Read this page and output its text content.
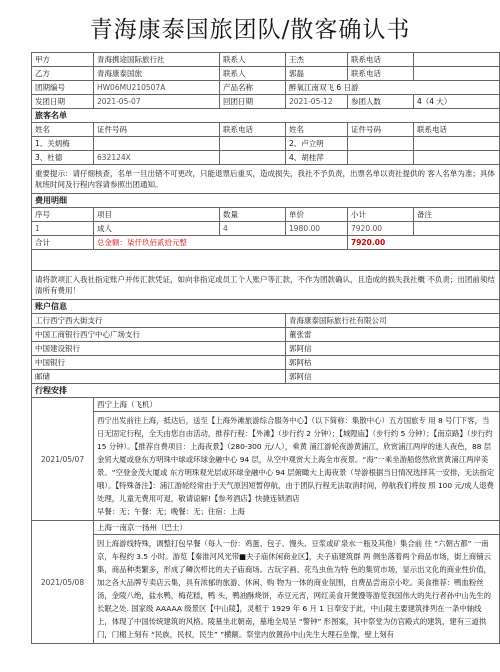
青海康泰国旅团队/散客确认书
甲方	青海携途国际旅行社	联系人	王杰	联系电话	
乙方	青海康泰国旅	联系人	郭磊	联系电话	
团期编号	HW06MU210507A	产品名称	醉氧江南双飞 6 日游		
发团日期	2021-05-07	回团日期	2021-05-12	参团人数	4（4 大）
旅客名单					
姓名	证件号码	联系电话	姓名	证件号码	联系电话
1、关炳梅			2、卢立明		
3、杜德	632124X		4、胡桂萍		
重要提示：请仔细核查，名单一旦出错不可更改，只能退票后重买，造成损失，我社不予负责，出票名单以责社提供的 客人名单为准；具体航班时间及行程内容请参照出团通知。					
费用明细					
序号	项目	数量	单价	小计	备注
1	成人	4	1980.00	7920.00	
合计	总金额：柒仟玖佰贰拾元整			7920.00	

请将款项汇入我社指定账户并传汇款凭证，如向非指定或员工个人账户等汇款，不作为团款确认，且造成的损失我社概 不负责；出团前须结清所有费用！					
账户信息					
工行西宁西大街支行			青海康泰国际旅行社有限公司		
中国工商银行西宁中心广场支行			董张雷		
中国建设银行			郭阿信		
中国银行			郭阿枯		
邮储			郭阿信		
行程安排					
2021/05/07	西宁上海（飞机）				

	西宁出发前往上海，抵达后，送至【上海外滩旅游综合服务中心】（以下简称：集散中心）五方国旅专 用 8 号门下客，当日无固定行程，全天由您自由活动，推荐行程：【外滩】（步行约 2 分钟）；【城隍庙】（步行约 5 分钟）；【南京路】（步行约 15 分钟）。【推荐自费项目：上海夜景】（280-300 元/人），乘黄 浦江游轮夜游黄浦江，欣赏浦江两岸的迷人夜色，88 层金贸大厦或登东方明珠中球或环球金融中心 94 层，从空中观赏大上海全市夜景。“海”一乘坐游船悠然欣赏黄浦江两岸美景。“空登金茂大厦或 东方明珠观光层或环球金融中心 94 层俯瞰大上海夜景（导游根据当日情况选择其一安排，无法指定 哦）。【特殊备注】：浦江游轮经常由于天气原因短暂停航，由于团队行程无法取消时间，停航我们将按 照 100 元/成人退费处理，儿童无费用可退，敬请谅解!【参考酒店】快捷连锁酒店

早餐：无；午餐：无；晚餐：无；住宿：上海				

2021/05/08	上海一南京一扬州（巴士）				

	因上海游线特殊，调整打包早餐（每人一份：鸡蛋、包子、馒头、豆浆或矿泉水一瓶及其他）集合前 往 “六朝古都” 一南京，车程约 3.5 小时。游览【秦淮河风光带■夫子庙休闲商业区】，夫子庙建筑群 两 侧坐落着两个商品市场，街上商铺云集，商品种类繁多，形成了鳞次栉比的夫子庙商场。古玩字画、花鸟虫鱼为特 色的集贸市场，显示出文化的商业性价值，加之各大品牌专卖店云集，具有浓郁的旅游、休闲、购 物为一体的商业氛围，自费品尝南京小吃。美食推荐：鸭血粉丝汤，金陵八绝，盐水鸭，梅花糕，鸭 头，鸭油酥烧饼，赤豆元宵，网红美食开煲馒等游览我国伟大的先行者孙中山先生的长眠之处. 国家级 AAAAA 级景区【中山陵】，灵柩于 1929 年 6 月 1 日奉安于此，中山陵主要建筑排列在一条中轴线上，体现了中国传统建筑的风格。陵墓坐北朝南，墓地全局呈 “警钟” 形图案，其中祭堂为仿宫殿式的建筑，建有三道拱门，门楣上刻有 “民族，民权，民生” ”横额。祭堂内放置孙中山先生大理石坐像，壁上刻有				
